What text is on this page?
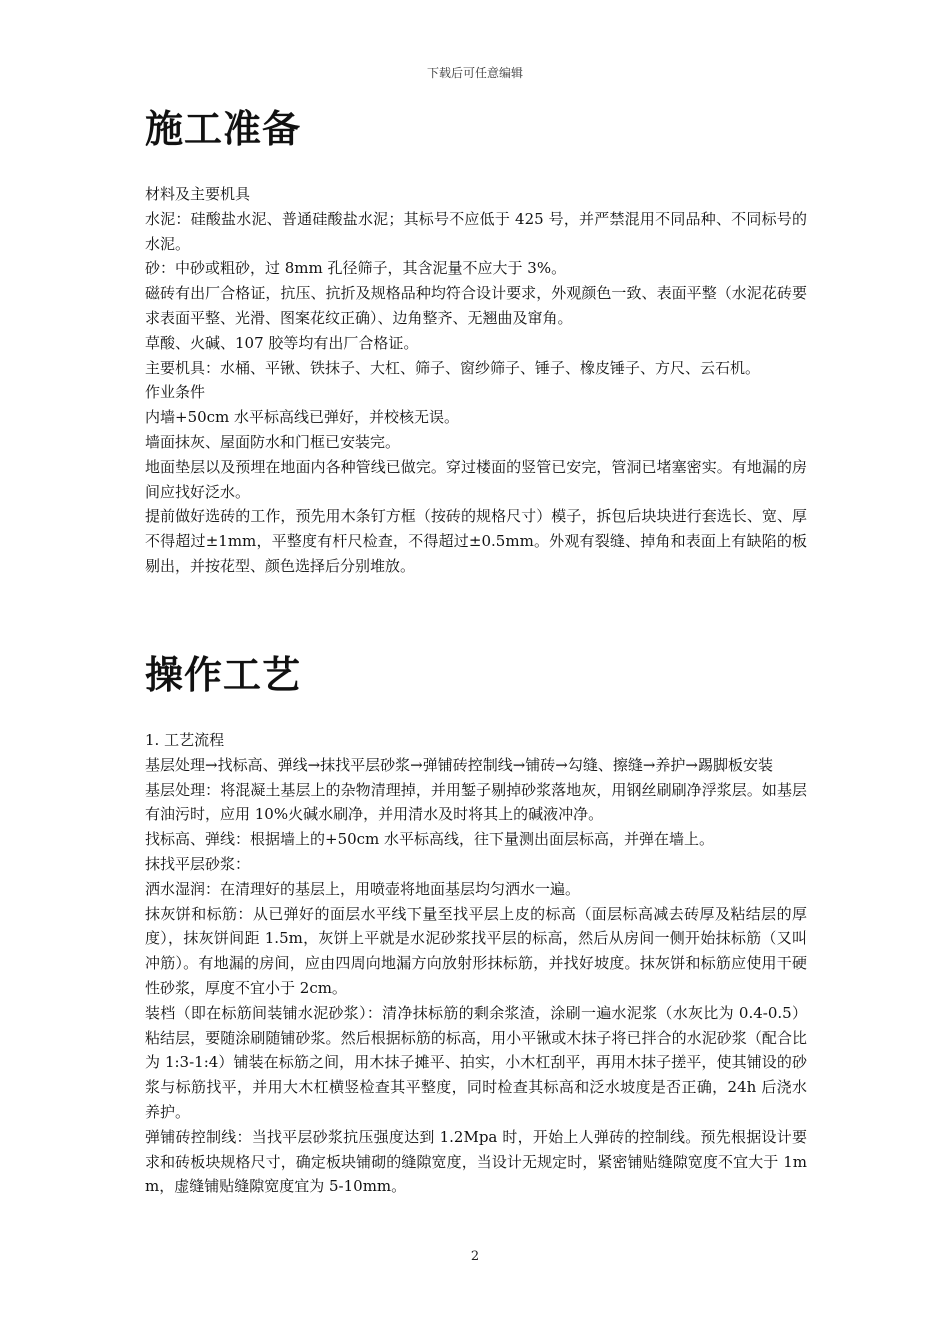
下载后可任意编辑
施工准备

材料及主要机具

水泥：硅酸盐水泥、普通硅酸盐水泥；其标号不应低于 425 号，并严禁混用不同品种、不同标号的水泥。

砂：中砂或粗砂，过 8mm 孔径筛子，其含泥量不应大于 3%。

磁砖有出厂合格证，抗压、抗折及规格品种均符合设计要求，外观颜色一致、表面平整（水泥花砖要求表面平整、光滑、图案花纹正确）、边角整齐、无翘曲及窜角。

草酸、火碱、107 胶等均有出厂合格证。

主要机具：水桶、平锹、铁抹子、大杠、筛子、窗纱筛子、锤子、橡皮锤子、方尺、云石机。

作业条件

内墙+50cm 水平标高线已弹好，并校核无误。

墙面抹灰、屋面防水和门框已安装完。

地面垫层以及预埋在地面内各种管线已做完。穿过楼面的竖管已安完，管洞已堵塞密实。有地漏的房间应找好泛水。

提前做好选砖的工作，预先用木条钉方框（按砖的规格尺寸）模子，拆包后块块进行套选长、宽、厚不得超过±1mm，平整度有杆尺检查，不得超过±0.5mm。外观有裂缝、掉角和表面上有缺陷的板剔出，并按花型、颜色选择后分别堆放。

操作工艺

1. 工艺流程

基层处理→找标高、弹线→抹找平层砂浆→弹铺砖控制线→铺砖→勾缝、擦缝→养护→踢脚板安装

基层处理：将混凝土基层上的杂物清理掉，并用錾子剔掉砂浆落地灰，用钢丝刷刷净浮浆层。如基层有油污时，应用 10%火碱水刷净，并用清水及时将其上的碱液冲净。

找标高、弹线：根据墙上的+50cm 水平标高线，往下量测出面层标高，并弹在墙上。

抹找平层砂浆：

洒水湿润：在清理好的基层上，用喷壶将地面基层均匀洒水一遍。

抹灰饼和标筋：从已弹好的面层水平线下量至找平层上皮的标高（面层标高减去砖厚及粘结层的厚度），抹灰饼间距 1.5m，灰饼上平就是水泥砂浆找平层的标高，然后从房间一侧开始抹标筋（又叫冲筋）。有地漏的房间，应由四周向地漏方向放射形抹标筋，并找好坡度。抹灰饼和标筋应使用干硬性砂浆，厚度不宜小于 2cm。

装档（即在标筋间装铺水泥砂浆）：清净抹标筋的剩余浆渣，涂刷一遍水泥浆（水灰比为 0.4-0.5）粘结层，要随涂刷随铺砂浆。然后根据标筋的标高，用小平锹或木抹子将已拌合的水泥砂浆（配合比为 1:3-1:4）铺装在标筋之间，用木抹子摊平、拍实，小木杠刮平，再用木抹子搓平，使其铺设的砂浆与标筋找平，并用大木杠横竖检查其平整度，同时检查其标高和泛水坡度是否正确，24h 后浇水养护。

弹铺砖控制线：当找平层砂浆抗压强度达到 1.2Mpa 时，开始上人弹砖的控制线。预先根据设计要求和砖板块规格尺寸，确定板块铺砌的缝隙宽度，当设计无规定时，紧密铺贴缝隙宽度不宜大于 1mm，虚缝铺贴缝隙宽度宜为 5-10mm。

2
